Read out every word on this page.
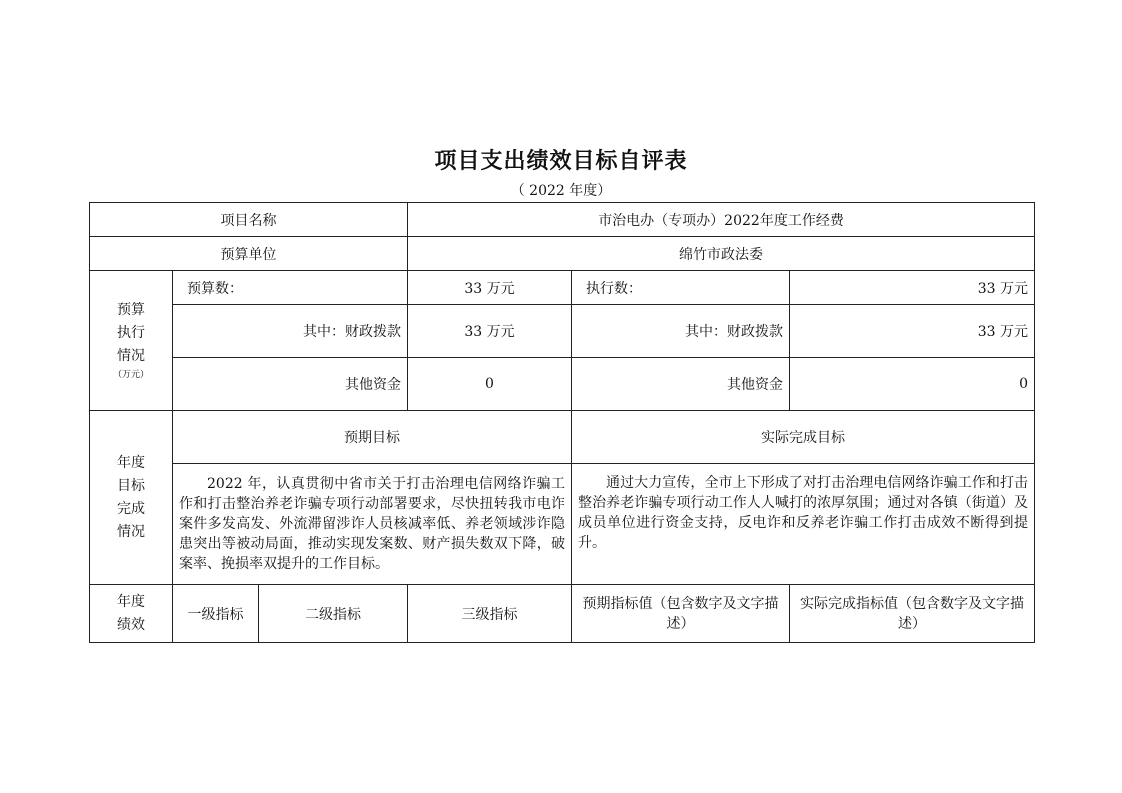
项目支出绩效目标自评表
（ 2022 年度）
项目名称			市治电办（专项办）2022年度工作经费		
预算单位			绵竹市政法委		

预算执行情况
（万元）	预算数：		33 万元	执行数：	33 万元
	其中：财政拨款		33 万元	其中：财政拨款	33 万元
	其他资金		0	其他资金	0

年度目标完成情况	预期目标			实际完成目标	
	2022 年，认真贯彻中省市关于打击治理电信网络诈骗工作和打击整治养老诈骗专项行动部署要求，尽快扭转我市电诈案件多发高发、外流滞留涉诈人员核减率低、养老领域涉诈隐患突出等被动局面，推动实现发案数、财产损失数双下降，破案率、挽损率双提升的工作目标。			通过大力宣传，全市上下形成了对打击治理电信网络诈骗工作和打击整治养老诈骗专项行动工作人人喊打的浓厚氛围；通过对各镇（街道）及成员单位进行资金支持，反电诈和反养老诈骗工作打击成效不断得到提升。	

年度绩效	一级指标	二级指标	三级指标	预期指标值（包含数字及文字描述）	实际完成指标值（包含数字及文字描述）
